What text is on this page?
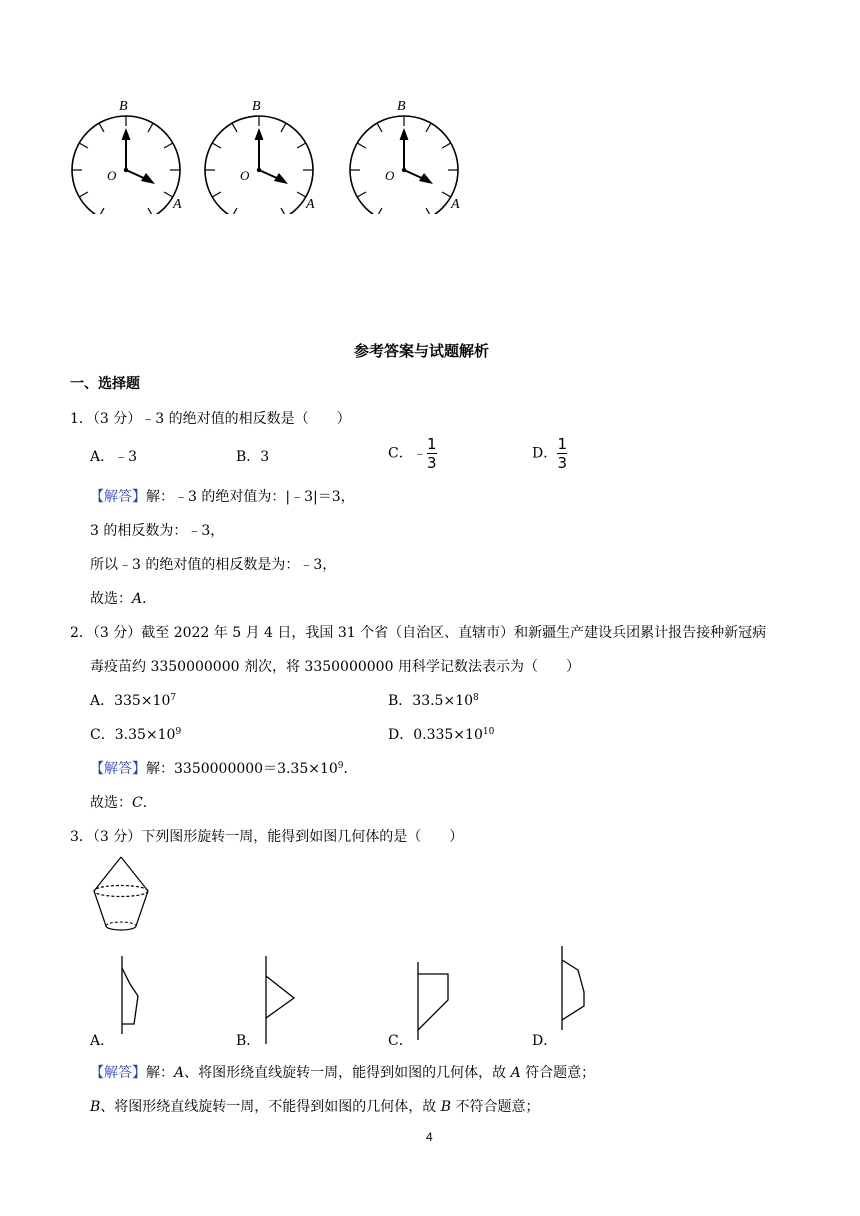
B
O
A
B
O
A
B
O
A
参考答案与试题解析
一、选择题
1．（3 分）﹣3 的绝对值的相反数是（　　）
A．﹣3	B．3	C．$﹣\frac{1}{3}$	D．$\frac{1}{3}$
【解答】解：﹣3 的绝对值为：|﹣3|＝3，
3 的相反数为：﹣3，
所以﹣3 的绝对值的相反数是为：﹣3，
故选：A．
2．（3 分）截至 2022 年 5 月 4 日，我国 31 个省（自治区、直辖市）和新疆生产建设兵团累计报告接种新冠病
毒疫苗约 3350000000 剂次，将 3350000000 用科学记数法表示为（　　）
A．$335\times 10^7$	B．$33.5\times 10^8$
C．$3.35\times 10^9$	D．$0.335\times 10^{10}$
【解答】解：$3350000000=3.35\times 10^9$．
故选：C．
3．（3 分）下列图形旋转一周，能得到如图几何体的是（　　）
A．	B．	C．	D．
【解答】解：A、将图形绕直线旋转一周，能得到如图的几何体，故 A 符合题意；
B、将图形绕直线旋转一周，不能得到如图的几何体，故 B 不符合题意；
4
